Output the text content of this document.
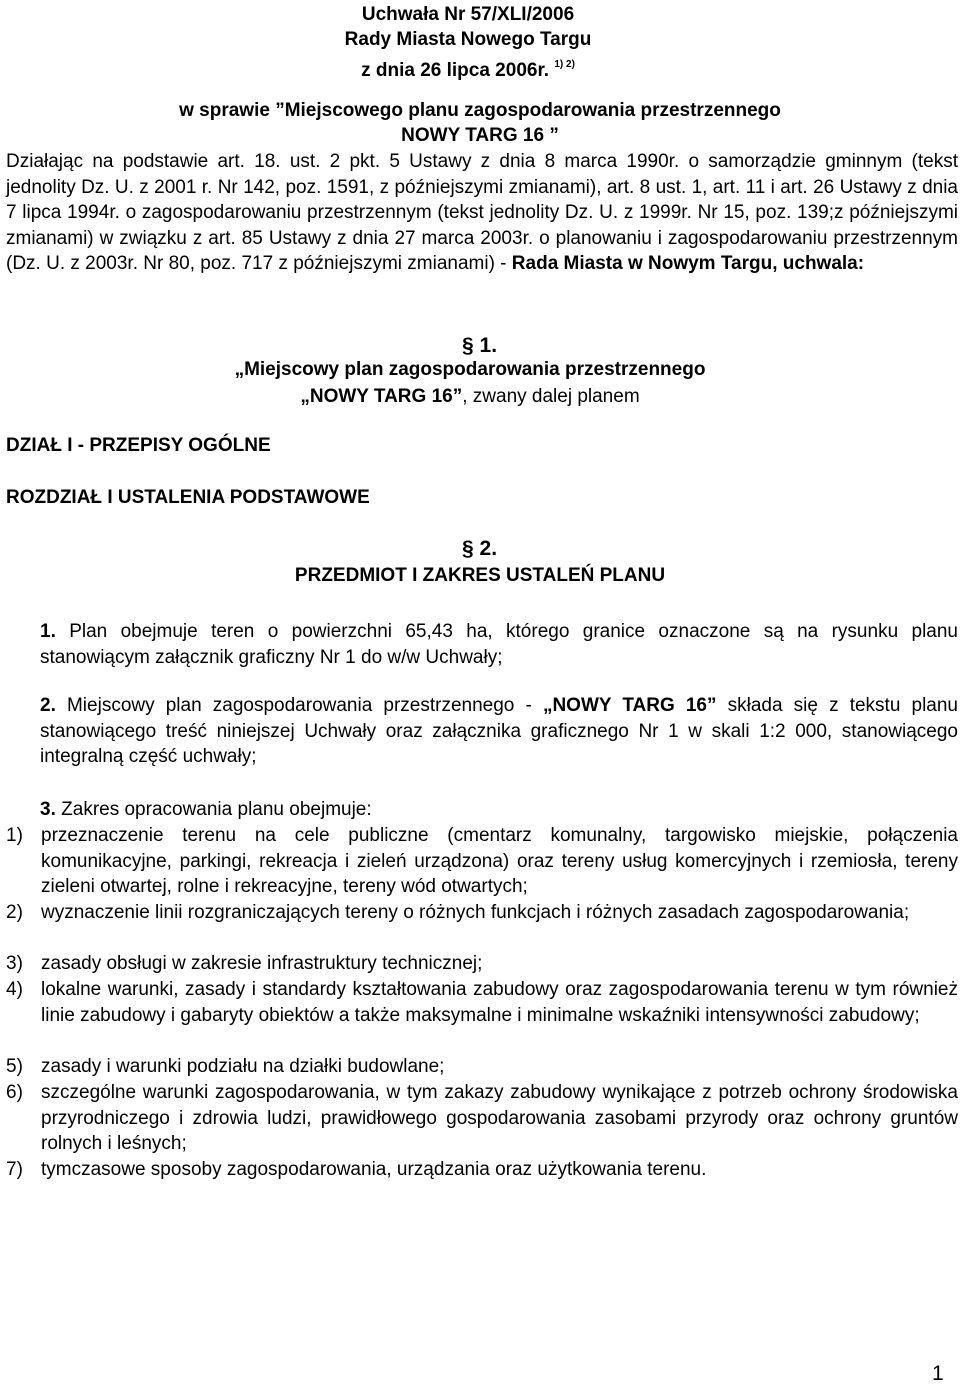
Uchwała Nr 57/XLI/2006
Rady Miasta Nowego Targu
z dnia 26 lipca 2006r. $^{1) 2)}$
w sprawie ”Miejscowego planu zagospodarowania przestrzennego
NOWY TARG 16 ”
Działając na podstawie art. 18. ust. 2 pkt. 5 Ustawy z dnia 8 marca 1990r. o samorządzie gminnym (tekst jednolity Dz. U. z 2001 r. Nr 142, poz. 1591, z późniejszymi zmianami), art. 8 ust. 1, art. 11 i art. 26 Ustawy z dnia 7 lipca 1994r. o zagospodarowaniu przestrzennym (tekst jednolity Dz. U. z 1999r. Nr 15, poz. 139;z późniejszymi zmianami) w związku z art. 85 Ustawy z dnia 27 marca 2003r. o planowaniu i zagospodarowaniu przestrzennym (Dz. U. z 2003r. Nr 80, poz. 717 z późniejszymi zmianami) - Rada Miasta w Nowym Targu, uchwala:
§ 1.
„Miejscowy plan zagospodarowania przestrzennego
„NOWY TARG 16”, zwany dalej planem
DZIAŁ I - PRZEPISY OGÓLNE
ROZDZIAŁ I USTALENIA PODSTAWOWE
§ 2.
PRZEDMIOT I ZAKRES USTALEŃ PLANU
1. Plan obejmuje teren o powierzchni 65,43 ha, którego granice oznaczone są na rysunku planu stanowiącym załącznik graficzny Nr 1 do w/w Uchwały;
2. Miejscowy plan zagospodarowania przestrzennego - „NOWY TARG 16” składa się z tekstu planu stanowiącego treść niniejszej Uchwały oraz załącznika graficznego Nr 1 w skali 1:2 000, stanowiącego integralną część uchwały;
3. Zakres opracowania planu obejmuje:
1) przeznaczenie terenu na cele publiczne (cmentarz komunalny, targowisko miejskie, połączenia komunikacyjne, parkingi, rekreacja i zieleń urządzona) oraz tereny usług komercyjnych i rzemiosła, tereny zieleni otwartej, rolne i rekreacyjne, tereny wód otwartych;
2) wyznaczenie linii rozgraniczających tereny o różnych funkcjach i różnych zasadach zagospodarowania;
3) zasady obsługi w zakresie infrastruktury technicznej;
4) lokalne warunki, zasady i standardy kształtowania zabudowy oraz zagospodarowania terenu w tym również linie zabudowy i gabaryty obiektów a także maksymalne i minimalne wskaźniki intensywności zabudowy;
5) zasady i warunki podziału na działki budowlane;
6) szczególne warunki zagospodarowania, w tym zakazy zabudowy wynikające z potrzeb ochrony środowiska przyrodniczego i zdrowia ludzi, prawidłowego gospodarowania zasobami przyrody oraz ochrony gruntów rolnych i leśnych;
7) tymczasowe sposoby zagospodarowania, urządzania oraz użytkowania terenu.
1
